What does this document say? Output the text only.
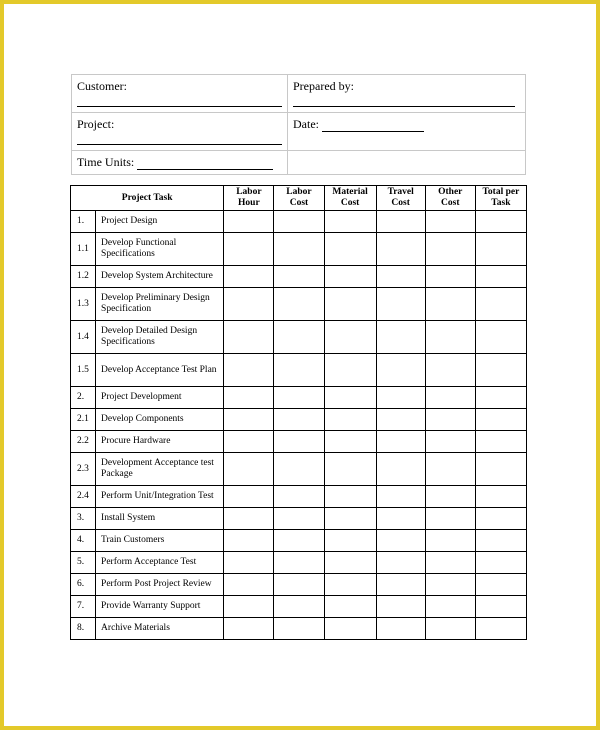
Customer:	Prepared by:

Project:	Date:
Time Units:	
Project Task		Labor Hour	Labor Cost	Material Cost	Travel Cost	Other Cost	Total per Task
1.	Project Design						
1.1	Develop Functional Specifications						
1.2	Develop System Architecture						
1.3	Develop Preliminary Design Specification						
1.4	Develop Detailed Design Specifications						
1.5	Develop Acceptance Test Plan						
2.	Project Development						
2.1	Develop Components						
2.2	Procure Hardware						
2.3	Development Acceptance test Package						
2.4	Perform Unit/Integration Test						
3.	Install System						
4.	Train Customers						
5.	Perform Acceptance Test						
6.	Perform Post Project Review						
7.	Provide Warranty Support						
8.	Archive Materials						
